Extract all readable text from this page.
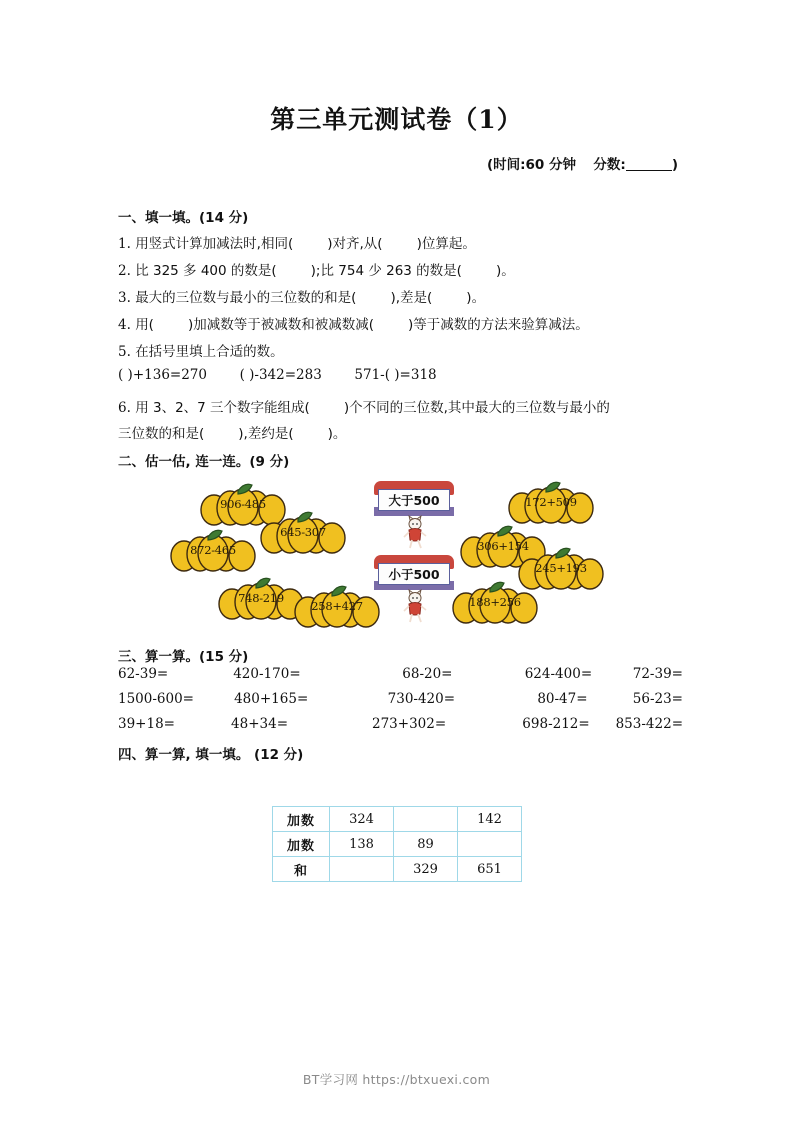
第三单元测试卷（1）
(时间:60 分钟 分数:	)
一、填一填。(14 分)
1. 用竖式计算加减法时,相同(	)对齐,从(	)位算起。
2. 比 325 多 400 的数是(	);比 754 少 263 的数是(	)。
3. 最大的三位数与最小的三位数的和是(	),差是(	)。
4. 用(	)加减数等于被减数和被减数减(	)等于减数的方法来验算减法。
5. 在括号里填上合适的数。
( )+136=270 ( )-342=283 571-( )=318
6. 用 3、2、7 三个数字能组成(	)个不同的三位数,其中最大的三位数与最小的
三位数的和是(	),差约是(	)。
二、估一估, 连一连。(9 分)
906-485
872-465
645-307
748-219
258+427
大于500
小于500
172+509
306+154
245+193
188+256
三、算一算。(15 分)
62-39=	420-170=	68-20=	624-400=	72-39=
1500-600=	480+165=	730-420=	80-47=	56-23=
39+18=	48+34=	273+302=	698-212=	853-422=
四、算一算, 填一填。 (12 分)
加数	324		142
加数	138	89	
和		329	651
BT学习网 https://btxuexi.com
